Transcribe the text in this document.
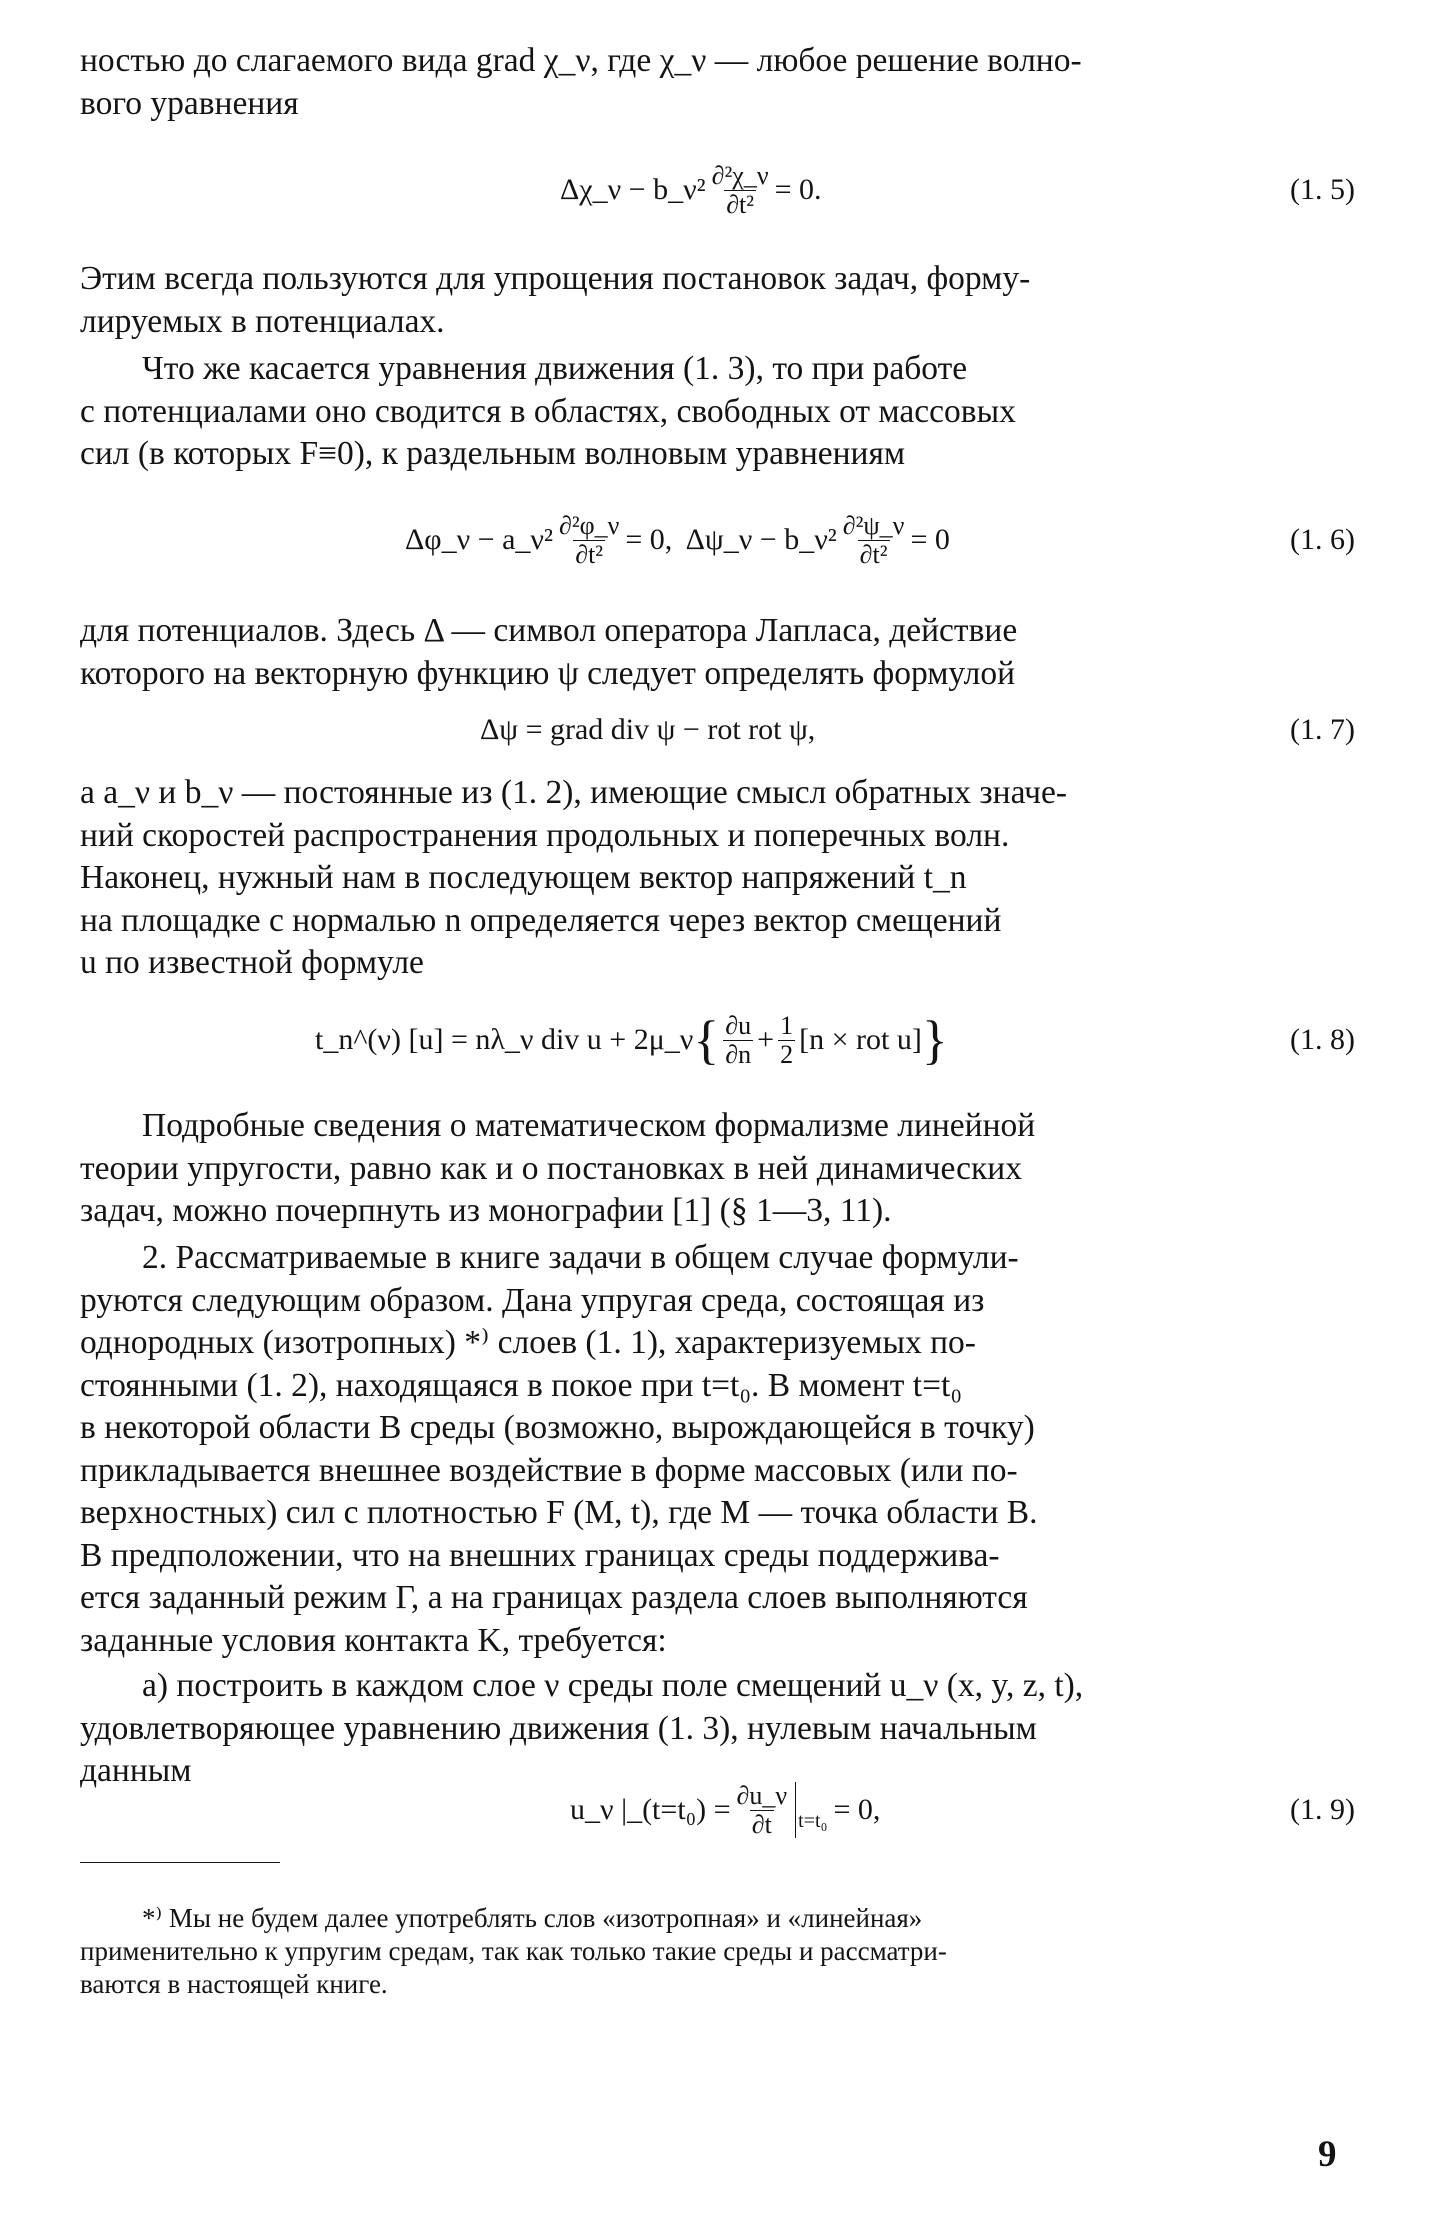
ностью до слагаемого вида grad χ_ν, где χ_ν — любое решение волно-
вого уравнения

Δχ_ν − b_ν² $\frac{\text{∂²χ\_ν}}{\text{∂t²}} = 0$.	(1. 5)

Этим всегда пользуются для упрощения постановок задач, форму-
лируемых в потенциалах.

Что же касается уравнения движения (1. 3), то при работе
с потенциалами оно сводится в областях, свободных от массовых
сил (в которых F≡0), к раздельным волновым уравнениям

Δφ_ν − a_ν² $\frac{\text{∂²φ\_ν}}{\text{∂t²}} = 0$,  Δψ_ν − b_ν² $\frac{\text{∂²ψ\_ν}}{\text{∂t²}} = 0$	(1. 6)

для потенциалов. Здесь Δ — символ оператора Лапласа, действие
которого на векторную функцию ψ следует определять формулой

Δψ = grad div ψ − rot rot ψ,	(1. 7)

а a_ν и b_ν — постоянные из (1. 2), имеющие смысл обратных значе-
ний скоростей распространения продольных и поперечных волн.
Наконец, нужный нам в последующем вектор напряжений t_n
на площадке с нормалью n определяется через вектор смещений
u по известной формуле

t_n^(ν) [u] = nλ_ν div u + 2μ_ν { $\frac{\partial u}{\partial n} + \frac{1}{2} [n$ × rot u] }	(1. 8)

Подробные сведения о математическом формализме линейной
теории упругости, равно как и о постановках в ней динамических
задач, можно почерпнуть из монографии [1] (§ 1—3, 11).

2. Рассматриваемые в книге задачи в общем случае формули-
руются следующим образом. Дана упругая среда, состоящая из
однородных (изотропных) *⁾ слоев (1. 1), характеризуемых по-
стоянными (1. 2), находящаяся в покое при t=t₀. В момент t=t₀
в некоторой области B среды (возможно, вырождающейся в точку)
прикладывается внешнее воздействие в форме массовых (или по-
верхностных) сил с плотностью F (M, t), где M — точка области B.
В предположении, что на внешних границах среды поддержива-
ется заданный режим Γ, а на границах раздела слоев выполняются
заданные условия контакта K, требуется:

а) построить в каждом слое ν среды поле смещений u_ν (x, y, z, t),
удовлетворяющее уравнению движения (1. 3), нулевым начальным
данным

u_ν |_(t=t₀) = $\frac{\partial u\_\nu}{\partial t} t=t_0 = 0$,	(1. 9)

*⁾ Мы не будем далее употреблять слов «изотропная» и «линейная»
применительно к упругим средам, так как только такие среды и рассматри-
ваются в настоящей книге.

9
